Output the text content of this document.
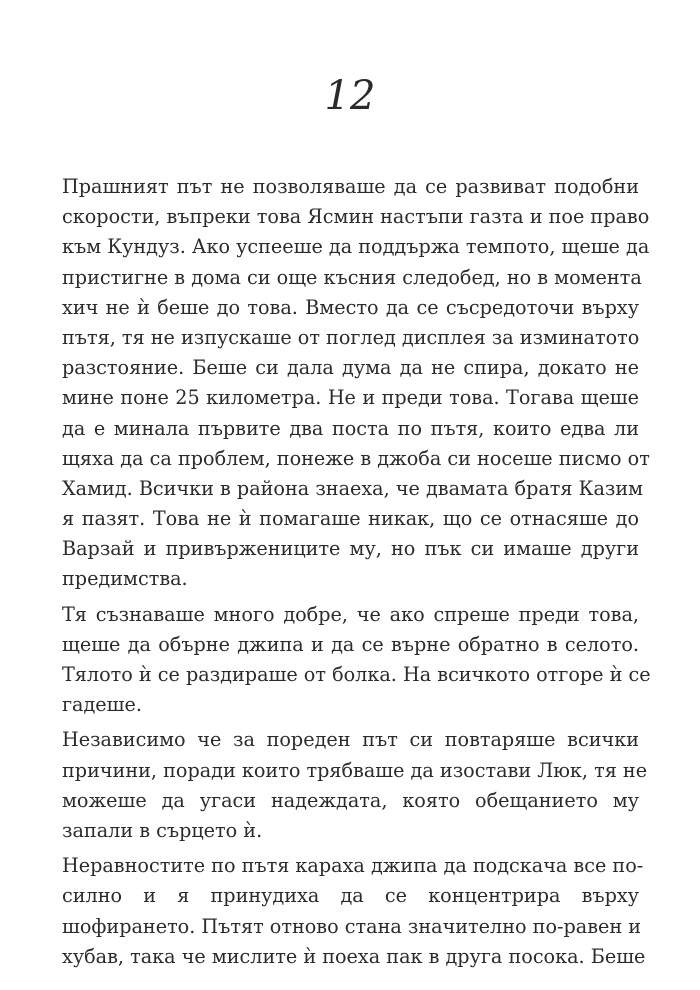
12
Прашният път не позволяваше да се развиват подобни
скорости, въпреки това Ясмин настъпи газта и пое право
към Кундуз. Ако успееше да поддържа темпото, щеше да
пристигне в дома си още късния следобед, но в момента
хич не ѝ беше до това. Вместо да се съсредоточи върху
пътя, тя не изпускаше от поглед дисплея за изминатото
разстояние. Беше си дала дума да не спира, докато не
мине поне 25 километра. Не и преди това. Тогава щеше
да е минала първите два поста по пътя, които едва ли
щяха да са проблем, понеже в джоба си носеше писмо от
Хамид. Всички в района знаеха, че двамата братя Казим
я пазят. Това не ѝ помагаше никак, що се отнасяше до
Варзай и привържениците му, но пък си имаше други
предимства.
Тя съзнаваше много добре, че ако спреше преди това,
щеше да обърне джипа и да се върне обратно в селото.
Тялото ѝ се раздираше от болка. На всичкото отгоре ѝ се
гадеше.
Независимо че за пореден път си повтаряше всички
причини, поради които трябваше да изостави Люк, тя не
можеше да угаси надеждата, която обещанието му
запали в сърцето ѝ.
Неравностите по пътя караха джипа да подскача все по-
силно и я принудиха да се концентрира върху
шофирането. Пътят отново стана значително по-равен и
хубав, така че мислите ѝ поеха пак в друга посока. Беше
